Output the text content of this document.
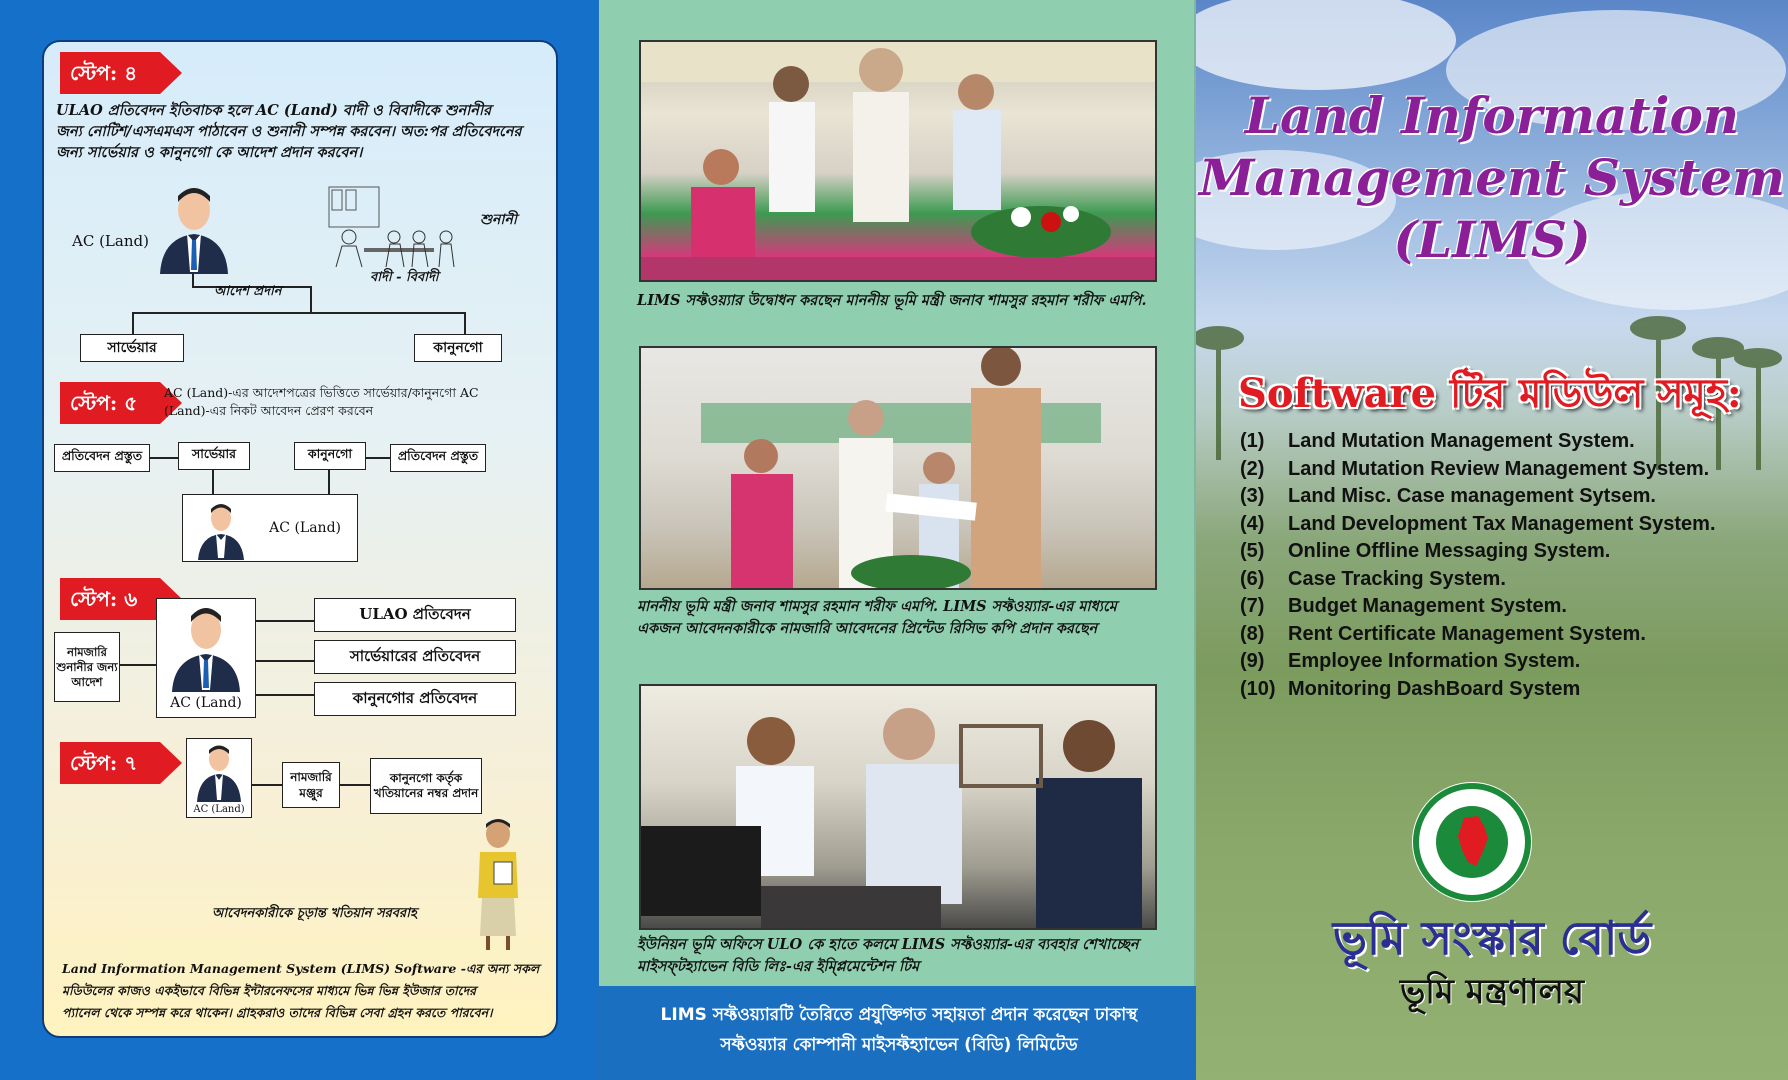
স্টেপ: ৪
ULAO প্রতিবেদন ইতিবাচক হলে AC (Land) বাদী ও বিবাদীকে শুনানীর
জন্য নোটিশ/এসএমএস পাঠাবেন ও শুনানী সম্পন্ন করবেন। অত:পর প্রতিবেদনের
জন্য সার্ভেয়ার ও কানুনগো কে আদেশ প্রদান করবেন।
AC (Land)
শুনানী
বাদী - বিবাদী
আদেশ প্রদান
সার্ভেয়ার	কানুনগো
স্টেপ: ৫	AC (Land)-এর আদেশপত্রের ভিত্তিতে সার্ভেয়ার/কানুনগো AC
(Land)-এর নিকট আবেদন প্রেরণ করবেন
প্রতিবেদন প্রস্তুত	সার্ভেয়ার	কানুনগো	প্রতিবেদন প্রস্তুত
AC (Land)
স্টেপ: ৬
নামজারি শুনানীর জন্য আদেশ
AC (Land)
ULAO প্রতিবেদন
সার্ভেয়ারের প্রতিবেদন
কানুনগোর প্রতিবেদন
স্টেপ: ৭
AC (Land)
নামজারি মঞ্জুর
কানুনগো কর্তৃক খতিয়ানের নম্বর প্রদান
আবেদনকারীকে চূড়ান্ত খতিয়ান সরবরাহ
Land Information Management System (LIMS) Software -এর অন্য সকল
মডিউলের কাজও একইভাবে বিভিন্ন ইন্টারনেফসের মাধ্যমে ভিন্ন ভিন্ন ইউজার তাদের
প্যানেল থেকে সম্পন্ন করে থাকেন। গ্রাহকরাও তাদের বিভিন্ন সেবা গ্রহন করতে পারবেন।
LIMS সফ্টওয়্যার উদ্বোধন করছেন মাননীয় ভূমি মন্ত্রী জনাব শামসুর রহমান শরীফ এমপি.
মাননীয় ভূমি মন্ত্রী জনাব শামসুর রহমান শরীফ এমপি. LIMS সফ্টওয়্যার-এর মাধ্যমে
একজন আবেদনকারীকে নামজারি আবেদনের প্রিন্টেড রিসিভ কপি প্রদান করছেন
ইউনিয়ন ভূমি অফিসে ULO কে হাতে কলমে LIMS সফ্টওয়্যার-এর ব্যবহার শেখাচ্ছেন
মাইসফ্‌টহ্যাভেন বিডি লিঃ-এর ইম্প্লিমেন্টেশন টিম
LIMS সফ্টওয়্যারটি তৈরিতে প্রযুক্তিগত সহায়তা প্রদান করেছেন ঢাকাস্থ
সফ্টওয়্যার কোম্পানী মাইসফ্টহ্যাভেন (বিডি) লিমিটেড
Land Information
Management System
(LIMS)
Software টির মডিউল সমূহ:
(1) Land Mutation Management System.
(2) Land Mutation Review Management System.
(3) Land Misc. Case management Sytsem.
(4) Land Development Tax Management System.
(5) Online Offline Messaging System.
(6) Case Tracking System.
(7) Budget Management System.
(8) Rent Certificate Management System.
(9) Employee Information System.
(10) Monitoring DashBoard System
ভূমি সংস্কার বোর্ড
ভূমি মন্ত্রণালয়
